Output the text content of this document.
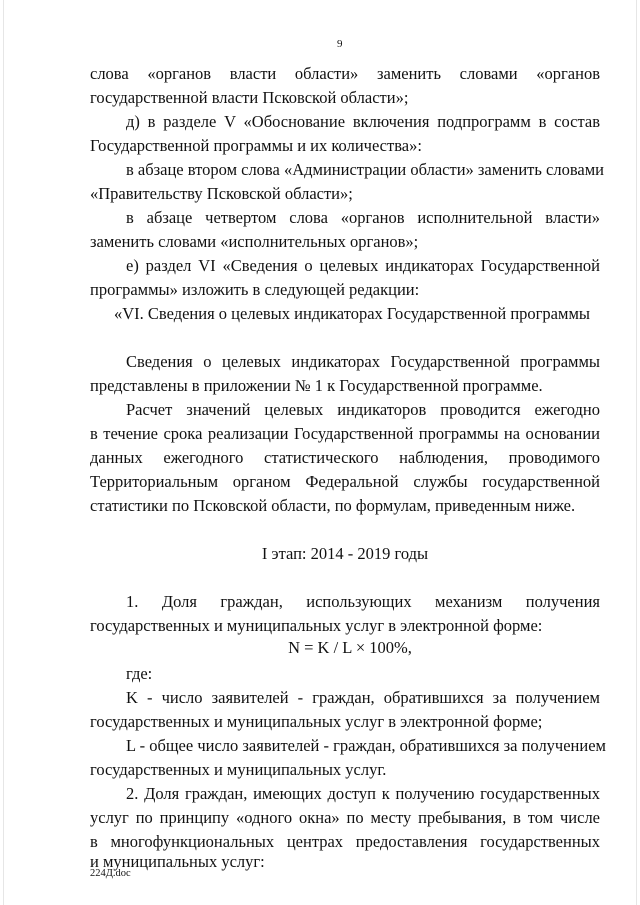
9
слова «органов власти области» заменить словами «органов
государственной власти Псковской области»;
д) в разделе V «Обоснование включения подпрограмм в состав
Государственной программы и их количества»:
в абзаце втором слова «Администрации области» заменить словами
«Правительству Псковской области»;
в абзаце четвертом слова «органов исполнительной власти»
заменить словами «исполнительных органов»;
е) раздел VI «Сведения о целевых индикаторах Государственной
программы» изложить в следующей редакции:
«VI. Сведения о целевых индикаторах Государственной программы
Сведения о целевых индикаторах Государственной программы
представлены в приложении № 1 к Государственной программе.
Расчет значений целевых индикаторов проводится ежегодно
в течение срока реализации Государственной программы на основании
данных ежегодного статистического наблюдения, проводимого
Территориальным органом Федеральной службы государственной
статистики по Псковской области, по формулам, приведенным ниже.
I этап: 2014 - 2019 годы
1. Доля граждан, использующих механизм получения
государственных и муниципальных услуг в электронной форме:
N = K / L × 100%,
где:
K - число заявителей - граждан, обратившихся за получением
государственных и муниципальных услуг в электронной форме;
L - общее число заявителей - граждан, обратившихся за получением
государственных и муниципальных услуг.
2. Доля граждан, имеющих доступ к получению государственных
услуг по принципу «одного окна» по месту пребывания, в том числе
в многофункциональных центрах предоставления государственных
и муниципальных услуг:
224Д.doc
